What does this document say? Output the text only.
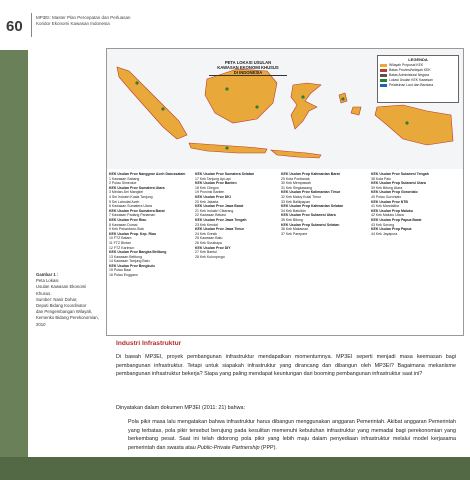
60
MP3EI: Master Plan Percepatan dan Perluasan
Koridor Ekonomi Kawasan Indonesia
PETA LOKASI USULAN
KAWASAN EKONOMI KHUSUS
DI INDONESIA
LEGENDA
Wilayah Proposal KEK
Batas Provinsi/wilayah KEK
Batas Administrasi Negara
Lokasi Usulan KEK Kawasan
Pelabuhan Laut dan Bandara
KEK Usulan Prov Nanggroe Aceh Darussalam
1 Kawasan Sabang
2 Pulau Simeulue
KEK Usulan Prov Sumatera Utara
3 Medan-Sei Mangkei
4 Sei Industri Kuala Tanjung
5 Sei Lahodat Aceh
6 Kawasan Sumatera Utara
KEK Usulan Prov Sumatera Barat
7 Kawasan Padang Pariaman
KEK Usulan Prov Riau
8 Kawasan Dumai
9 Kek Pekanbaru-Siak
KEK Usulan Prop. Kep. Riau
10 FTZ Batam
11 FTZ Bintan
12 FTZ Karimun
KEK Usulan Prov Bangka Belitung
13 Kawasan Belitung
14 Kawasan Tanjung Batu
KEK Usulan Prov Bengkulu
15 Pulau Baai
16 Pulau Enggano
KEK Usulan Prov Sumatera Selatan
17 Kek Tanjung Api-api
KEK Usulan Prov Banten
18 Kek Cilegon
19 Provinsi Banten
KEK Usulan Prov DKI
20 Kek Jakarta
KEK Usulan Prov Jawa Barat
21 Kek Industri Cikarang
22 Kawasan Bekasi
KEK Usulan Prov Jawa Tengah
23 Kek Kendal
KEK Usulan Prov Jawa Timur
24 Kek Gresik
25 Kawasan Batu
26 Kek Surabaya
KEK Usulan Prov DIY
27 Kek Bantul
28 Kek Kulonprogo
KEK Usulan Prop Kalimantan Barat
29 Kota Pontianak
30 Kek Mempawah
31 Kek Singkawang
KEK Usulan Prov Kalimantan Timur
32 Kek Maloy Kutai Timur
33 Kek Balikpapan
KEK Usulan Prop Kalimantan Selatan
34 Kek Batulicin
KEK Usulan Prov Sulawesi Utara
35 Kek Bitung
KEK Usulan Prop Sulawesi Selatan
36 Kek Makassar
37 Kek Parepare
KEK Usulan Prov Sulawesi Tengah
38 Kota Palu
KEK Usulan Prop Sulawesi Utara
39 Kek Bitung Utara
KEK Usulan Prop Gorontalo
40 Pulau Gorontalo
KEK Usulan Prov NTB
41 Kek Mandalika
KEK Usulan Prop Maluku
42 Kek Maluku Utara
KEK Usulan Prop Papua Barat
43 Kek Sorong
KEK Usulan Prop Papua
44 Kek Jayapura
Gambar 1 :
Peta Lokasi
Usulan Kawasan Ekonomi Khusus.
Sumber: Nasir Dohar,
Deputi Bidang Koordinator
dan Pengembangan Wilayah,
Kemenko Bidang Perekonomian,
2010
Industri Infrastruktur
Di bawah MP3EI, proyek pembangunan infrastruktur mendapatkan momentumnya. MP3EI seperti menjadi masa keemasan bagi pembangunan infrastruktur. Tetapi untuk siapakah infrastruktur yang dirancang dan dibangun oleh MP3EI? Bagaimana mekanisme pembangunan infrastruktur bekerja? Siapa yang paling mendapat keuntungan dari booming pembangunan infrastruktur saat ini?
Dinyatakan dalam dokumen MP3EI (2011: 21) bahwa:
Pola pikir masa lalu mengatakan bahwa infrastruktur harus dibangun menggunakan anggaran Pemerintah. Akibat anggaran Pemerintah yang terbatas, pola pikir tersebut berujung pada kesulitan memenuhi kebutuhan infrastruktur yang memadai bagi perekonomian yang berkembang pesat. Saat ini telah didorong pola pikir yang lebih maju dalam penyediaan infrastruktur melalui model kerjasama pemerintah dan swasta atau Public-Private Partnership (PPP).
